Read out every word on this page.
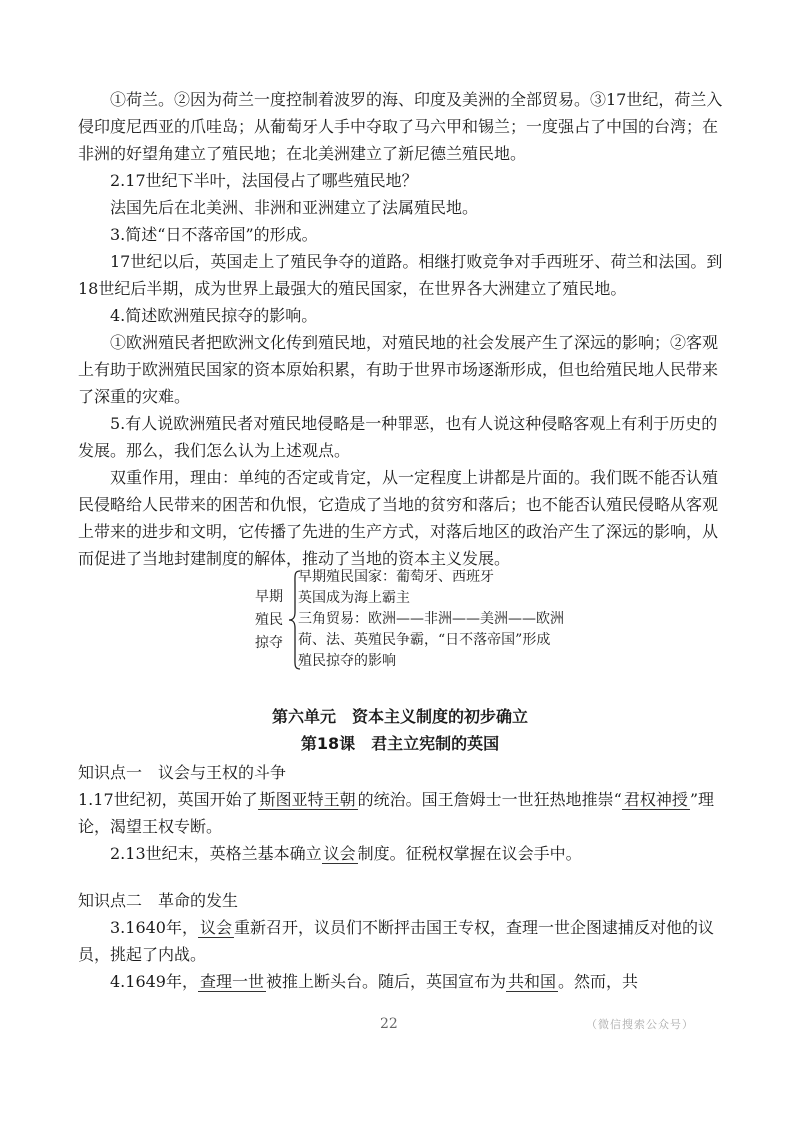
①荷兰。②因为荷兰一度控制着波罗的海、印度及美洲的全部贸易。③17世纪，荷兰入侵印度尼西亚的爪哇岛；从葡萄牙人手中夺取了马六甲和锡兰；一度强占了中国的台湾；在非洲的好望角建立了殖民地；在北美洲建立了新尼德兰殖民地。

2.17世纪下半叶，法国侵占了哪些殖民地？

法国先后在北美洲、非洲和亚洲建立了法属殖民地。

3.简述“日不落帝国”的形成。

17世纪以后，英国走上了殖民争夺的道路。相继打败竞争对手西班牙、荷兰和法国。到18世纪后半期，成为世界上最强大的殖民国家，在世界各大洲建立了殖民地。

4.简述欧洲殖民掠夺的影响。

①欧洲殖民者把欧洲文化传到殖民地，对殖民地的社会发展产生了深远的影响；②客观上有助于欧洲殖民国家的资本原始积累，有助于世界市场逐渐形成，但也给殖民地人民带来了深重的灾难。

5.有人说欧洲殖民者对殖民地侵略是一种罪恶，也有人说这种侵略客观上有利于历史的发展。那么，我们怎么认为上述观点。

双重作用，理由：单纯的否定或肯定，从一定程度上讲都是片面的。我们既不能否认殖民侵略给人民带来的困苦和仇恨，它造成了当地的贫穷和落后；也不能否认殖民侵略从客观上带来的进步和文明，它传播了先进的生产方式，对落后地区的政治产生了深远的影响，从而促进了当地封建制度的解体，推动了当地的资本主义发展。

早期
殖民
掠夺
早期殖民国家：葡萄牙、西班牙
英国成为海上霸主
三角贸易：欧洲——非洲——美洲——欧洲
荷、法、英殖民争霸，“日不落帝国”形成
殖民掠夺的影响
第六单元　资本主义制度的初步确立
第18课　君主立宪制的英国

知识点一　议会与王权的斗争

1.17世纪初，英国开始了 斯图亚特王朝 的统治。国王詹姆士一世狂热地推崇“ 君权神授 ”理论，渴望王权专断。

2.13世纪末，英格兰基本确立 议会 制度。征税权掌握在议会手中。

知识点二　革命的发生

3.1640年， 议会 重新召开，议员们不断抨击国王专权，查理一世企图逮捕反对他的议员，挑起了内战。

4.1649年， 查理一世 被推上断头台。随后，英国宣布为 共和国 。然而，共

22	（微信搜索公众号）
